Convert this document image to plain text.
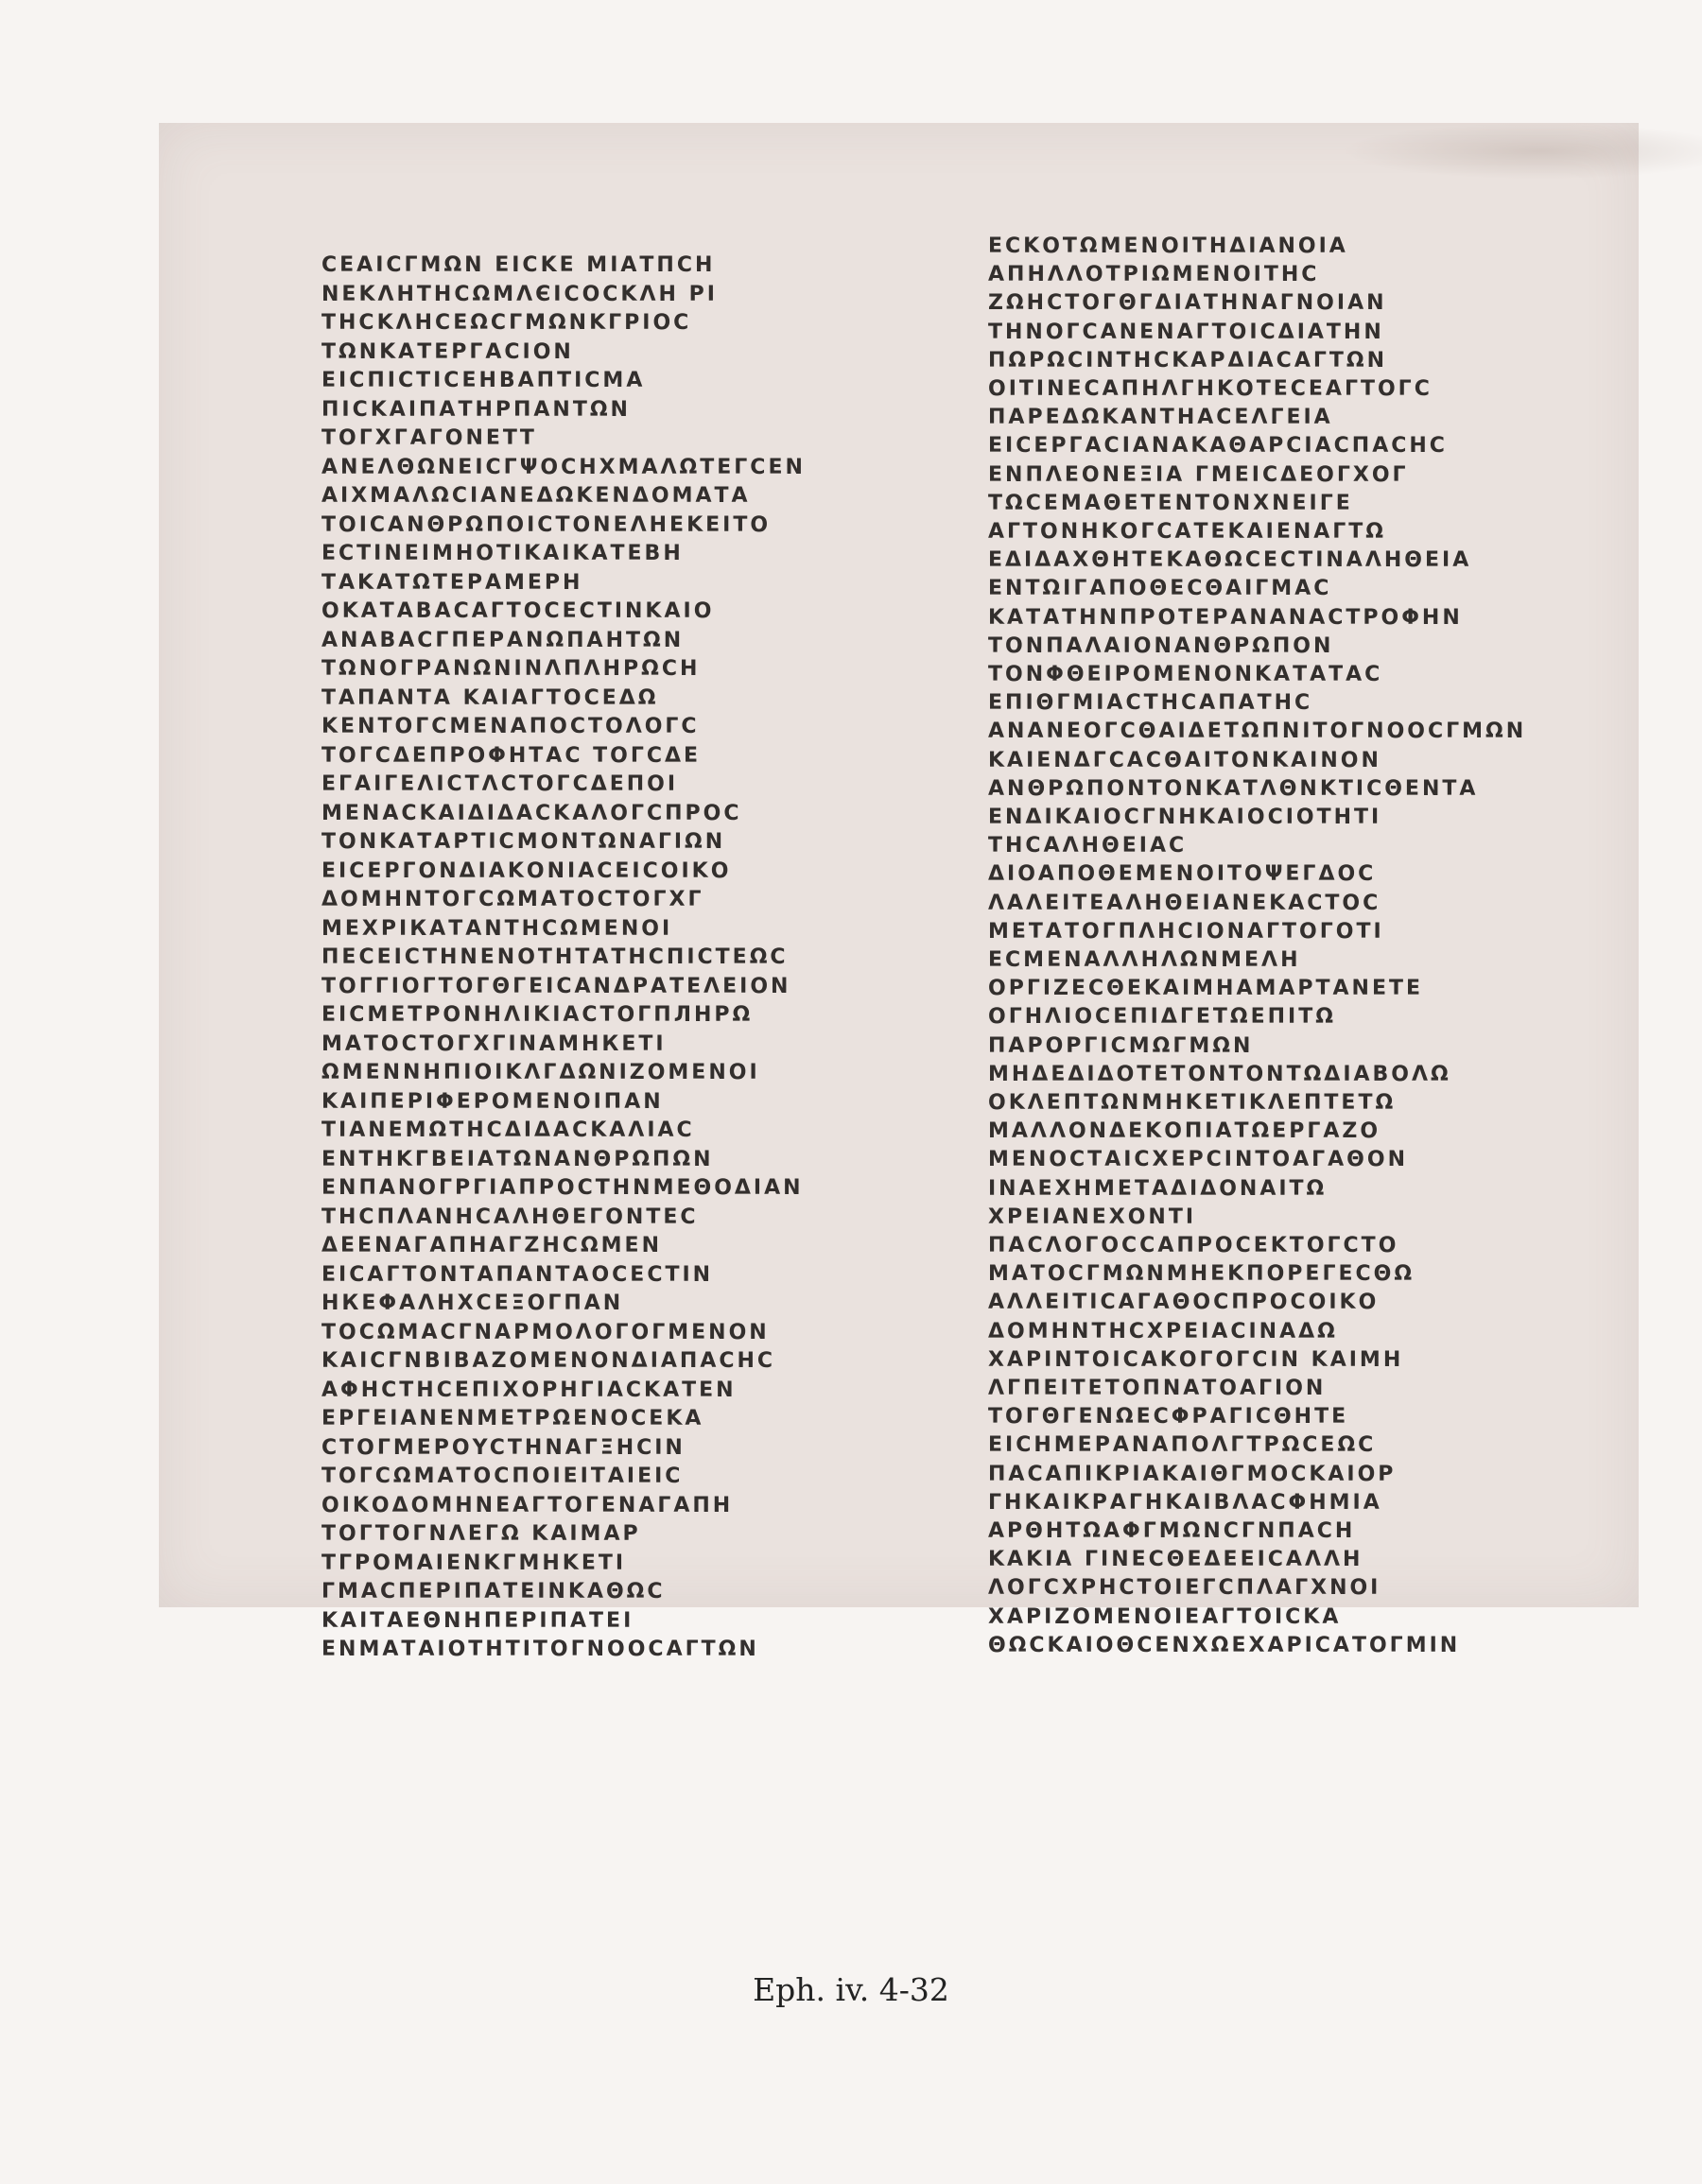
CΕΑΙCΓМΩN ΕICKΕ МΙАТПСН
NΕΚΛНТНСΩМΛЄΙCΟCΚΛН ΡΙ
ΤΗCΚΛНCΕΩCΓМΩNΚΓРΙΟC
ΤΩNΚΑΤΕΡΓΑCΙΟN
ΕΙCΠΙCΤΙCΕНВΑΠΤΙCМΑ
ΠΙCΚΑΙΠΑΤΗΡΠΑΝΤΩN
ΤΟΓΧΓΑΓΟΝΕΤΤ
ΑΝΕΛΘΩNΕΙCΓΨΟCНΧМΑΛΩΤΕΓCΕN
ΑΙΧМΑΛΩCΙΑNΕΔΩΚΕΝΔΟΜΑТΑ
ΤΟΙCΑΝΘΡΩΠΟΙCΤΟΝΕΛНΕΚΕΙΤΟ
ΕCΤΙNΕIМНΟΤΙΚΑΙΚΑΤΕΒН
ΤΑΚΑΤΩΤΕΡΑМΕΡН
ΟΚΑΤΑΒΑCΑΓΤΟCΕCΤΙNΚΑΙΟ
ΑNΑΒΑCΓΠΕΡΑΝΩПАНТΩN
ΤΩNΟΓΡΑΝΩNΙΝΛΠΛНΡΩCН
ΤΑΠΑΝΤΑ ΚΑΙΑΓΤΟCΕΔΩ
ΚΕNΤΟΓCМΕNΑΠΟCΤΟΛΟΓC
ΤΟΓCΔΕΠΡΟΦНΤΑC ΤΟΓCΔΕ
ΕΓΑΙΓΕΛΙCΤΛCΤΟΓCΔΕΠΟΙ
МΕNΑCΚΑΙΔΙΔΑCΚΑΛΟΓCΠΡΟC
ΤΟNΚΑΤΑΡΤΙCМΟNΤΩNΑГΙΩN
ΕΙCΕРГΟNΔΙΑΚΟNΙΑCΕΙCΟΙΚΟ
ΔΟМНNΤΟΓCΩМΑΤΟCΤΟΓΧΓ
МΕΧΡΙКΑΤΑNΤНCΩМΕΝΟΙ
ΠΕCΕICΤНNΕNΟΤНТΑТНCПΙCТΕΩC
ΤΟΓΓΙΟΓΤΟΓΘΓΕΙCΑNΔΡΑΤΕΛΕΙΟN
ΕΙCМΕΤΡΟΝНΛΙΚΙΑCΤΟΓΠЛНΡΩ
МΑΤΟCΤΟΓΧΓΙΝАМНКΕΤΙ
ΩМΕNΝНΠΙΟΙΚΛΓΔΩNΙZΟMΕNΟΙ
ΚΑΙΠΕΡΙΦΕΡΟΜΕNΟΙΠΑN
ΤΙΑNΕМΩΤНCΔΙΔΑCΚΑΛΙΑC
ΕNΤНΚΓΒΕΙΑΤΩNΑNΘΡΩΠΩN
ΕNΠΑNΟΓΡΓΙΑΠΡΟCΤНNМΕΘΟΔΙΑN
ΤНCΠΛΑNНCΑΛНΘΕΓΟNΤΕC
ΔΕΕNΑГΑПНΑΓΖНCΩМΕN
ΕΙCΑΓΤΟNТΑΠΑNΤΑOCΕCΤΙN
НКΕΦΑΛНΧCΕΞΟΓΠΑN
ΤΟCΩМΑCΓNΑΡМΟΛΟΓΟΓМΕNΟN
ΚΑΙCΓNΒΙΒΑZΟМΕNΟNΔΙΑПΑCНC
ΑΦНCΤНCΕΠΙΧΟΡНГΙΑCΚΑΤΕN
ΕРГΕΙΑNΕNМΕΤΡΩΕNΟCΕΚΑ
CΤΟΓМΕΡΟYCΤНNΑΓΞНCΙN
ΤΟΓCΩМΑΤΟCΠΟΙΕΙΤΑΙΕΙC
ΟΙΚΟΔΟΜНNΕΑΓΤΟΓΕNΑГΑПН
ΤΟΓΤΟΓNΛΕΓΩ ΚΑΙМΑΡ
ΤΓΡΟΜΑΙΕNΚΓМНΚΕΤΙ
ΓМΑCΠΕΡΙΠΑΤΕΙNΚΑΘΩC
ΚΑΙΤΑΕΘNНΠΕΡΙΠΑΤΕΙ
ΕNМΑΤΑΙΟΤНΤΙΤΟΓNΟΟCΑΓΤΩN
ΕCΚΟΤΩМΕNΟΙΤНΔΙΑNΟΙΑ
ΑΠНΛΛΟΤΡΙΩМΕNΟΙΤНC
ZΩНCΤΟΓΘΓΔΙΑΤНNΑГNΟΙΑN
ΤНNΟΓCΑNΕNΑΓΤΟΙCΔΙΑΤНN
ΠΩΡΩCΙNΤНCΚΑΡΔΙΑCΑΓΤΩN
ΟΙΤΙNΕCΑΠНΛГНΚΟΤΕCΕΑΓΤΟΓC
ΠΑΡΕΔΩΚΑNΤНΑCΕΛГΕΙΑ
ΕΙCΕРГΑCΙΑNΑΚΑΘΑΡCΙΑCΠΑCНC
ΕNΠΛΕΟNΕΞΙΑ ΓМΕΙCΔΕΟΓΧΟΓ
ΤΩCΕМΑΘΕΤΕNΤΟNΧNΕΙГΕ
ΑΓΤΟNНΚΟΓCΑΤΕΚΑΙΕNΑΓΤΩ
ΕΔΙΔΑΧΘНΤΕΚΑΘΩCΕCΤΙNΑΛНΘΕΙΑ
ΕNΤΩΙΓΑΠΟΘΕCΘΑΙΓМΑC
ΚΑΤΑΤНNΠΡΟΤΕΡΑNΑNΑCΤΡΟΦНN
ΤΟNΠΑΛΑΙΟNΑNΘΡΩΠΟN
ΤΟNΦΘΕΙΡΟМΕNΟNΚΑΤΑΤΑC
ΕΠΙΘΓМΙΑCΤНCΑΠΑΤНC
ΑNΑΝΕΟΓCΘΑΙΔΕΤΩΠNΙΤΟΓΝΟΟCΓМΩN
ΚΑΙΕNΔΓCΑCΘΑΙΤΟNΚΑΙNΟN
ΑNΘΡΩΠΟNΤΟNΚΑΤΛΘNΚΤΙCΘΕNΤΑ
ΕNΔΙΚΑΙΟCΓNНΚΑΙΟCΙΟΤНΤΙ
ΤНCΑΛНΘΕΙΑC
ΔΙΟΑΠΟΘΕМΕNΟΙΤΟΨΕΓΔΟC
ΛΑΛΕΙΤΕΑΛНΘΕΙΑNΕΚΑCΤΟC
МΕΤΑΤΟΓΠΛНCΙΟNΑΓΤΟΓΟΤΙ
ΕCМΕNΑΛΛНΛΩNМΕΛН
ΟΡΓΙZΕCΘΕΚΑΙМНΑМΑΡΤΑΝΕΤΕ
ΟΓНΛΙΟCΕΠΙΔΓΕΤΩΕΠΙΤΩ
ΠΑΡΟΡΓΙCМΩΓМΩN
МНΔΕΔΙΔΟΤΕΤΟNΤΟNΤΩΔΙΑΒΟΛΩ
ΟΚΛΕΠΤΩNМНΚΕΤΙΚΛΕΠΤΕΤΩ
МΑΛΛΟNΔΕΚΟΠΙΑΤΩΕРГΑZΟ
МΕNΟCΤΑΙCΧΕΡCΙNΤΟΑГΑΘΟN
ΙNΑΕΧНМΕΤΑΔΙΔΟNΑΙΤΩ
ΧΡΕΙΑNΕΧΟNΤΙ
ΠΑCΛΟΓΟCCΑΠΡΟCΕΚΤΟΓCΤΟ
МΑΤΟCΓМΩNМНΕΚΠΟΡΕΓΕCΘΩ
ΑΛΛΕΙΤΙCΑГΑΘΟCΠΡΟCΟΙΚΟ
ΔΟΜНNΤНCΧΡΕΙΑCΙNΑΔΩ
ΧΑΡΙNΤΟΙCΑΚΟΓΟΓCΙN ΚΑΙМН
ΛΓΠΕΙΤΕΤΟΠNΑΤΟΑГΙΟN
ΤΟΓΘΓΕNΩΕCΦΡΑГΙCΘНΤΕ
ΕΙCНМΕΡΑNΑΠΟΛΓΤΡΩCΕΩC
ΠΑCΑΠΙΚΡΙΑΚΑΙΘΓМΟCΚΑΙΟΡ
ГНΚΑΙΚΡΑΓНΚΑΙΒΛΑCΦНМΙΑ
ΑΡΘНΤΩΑΦΓМΩNCΓNΠΑCН
ΚΑΚΙΑ ΓΙNΕCΘΕΔΕΕΙCΑΛΛН
ΛΟΓCΧΡНCΤΟΙΕΓCΠΛΑГΧNΟΙ
ΧΑΡΙZΟМΕNΟΙΕΑΓΤΟΙCΚΑ
ΘΩCΚΑΙΟΘCΕNΧΩΕΧΑΡΙCΑΤΟΓМΙN
Eph. iv. 4-32
